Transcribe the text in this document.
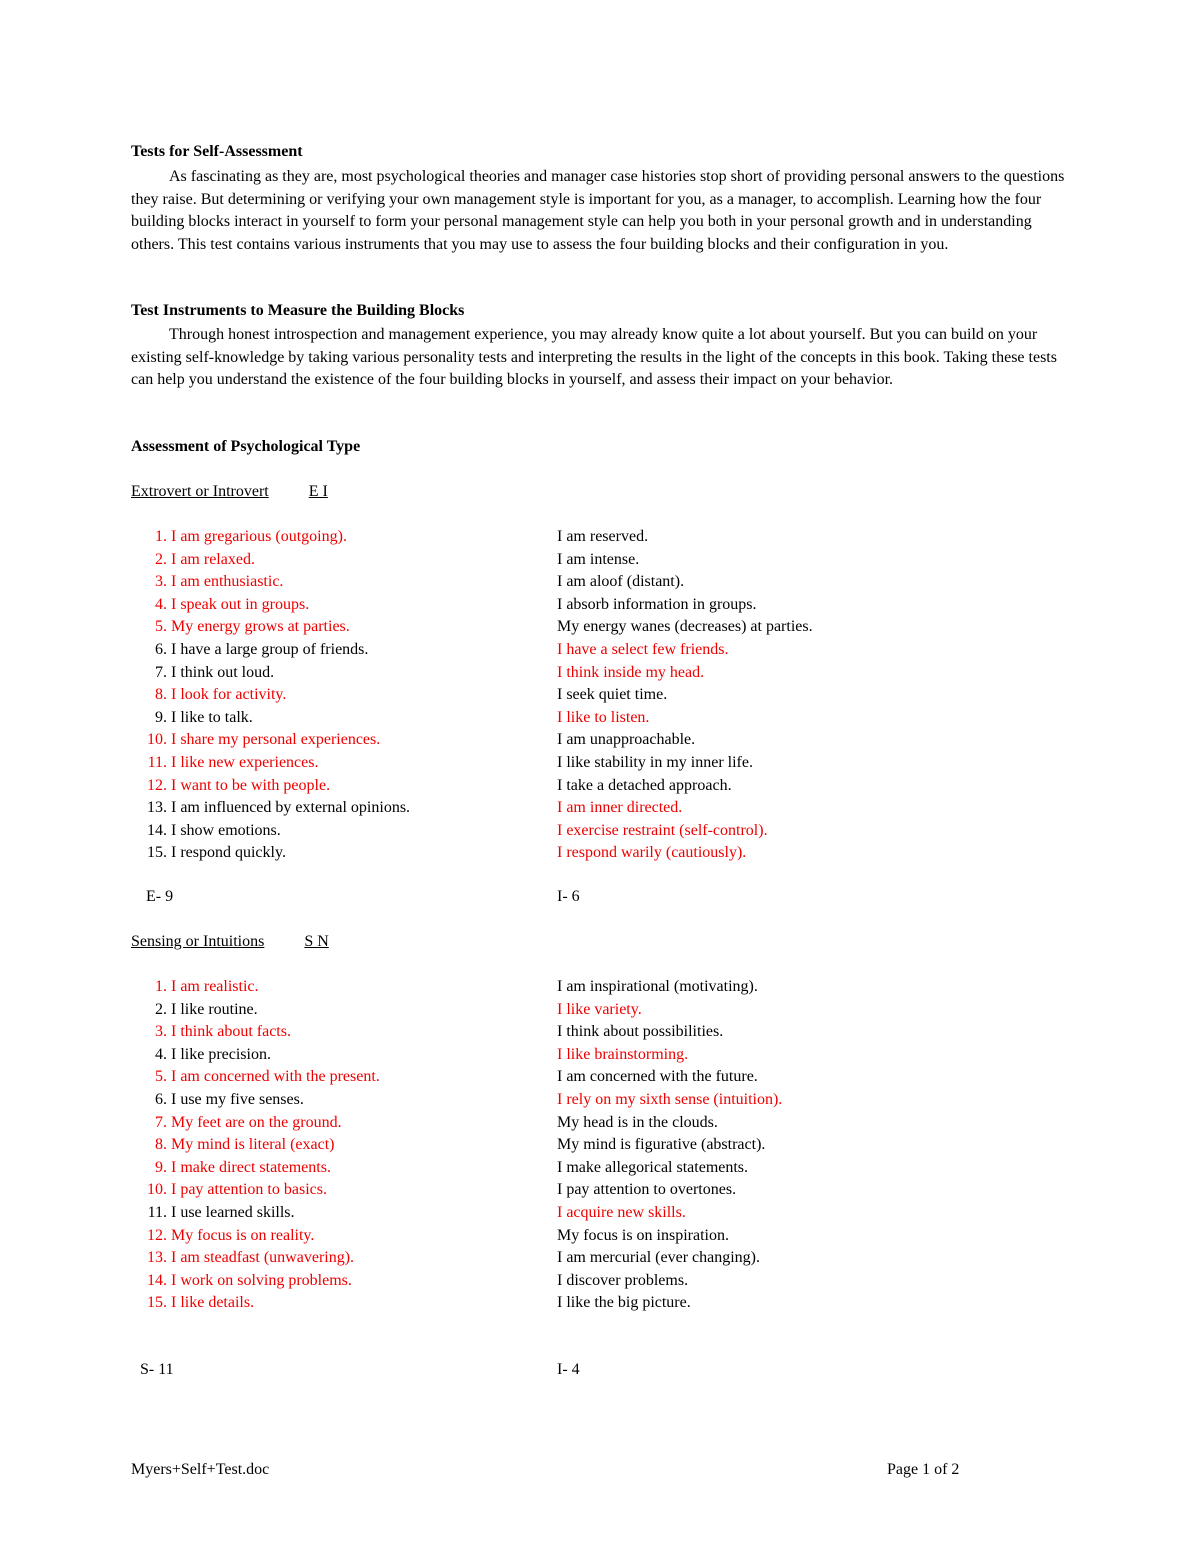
Tests for Self-Assessment

As fascinating as they are, most psychological theories and manager case histories stop short of providing personal answers to the questions they raise. But determining or verifying your own management style is important for you, as a manager, to accomplish. Learning how the four building blocks interact in yourself to form your personal management style can help you both in your personal growth and in understanding others. This test contains various instruments that you may use to assess the four building blocks and their configuration in you.

Test Instruments to Measure the Building Blocks

Through honest introspection and management experience, you may already know quite a lot about yourself. But you can build on your existing self-knowledge by taking various personality tests and interpreting the results in the light of the concepts in this book. Taking these tests can help you understand the existence of the four building blocks in yourself, and assess their impact on your behavior.

Assessment of Psychological Type
Extrovert or Introvert	E I
1. I am gregarious (outgoing).	I am reserved.
2. I am relaxed.	I am intense.
3. I am enthusiastic.	I am aloof (distant).
4. I speak out in groups.	I absorb information in groups.
5. My energy grows at parties.	My energy wanes (decreases) at parties.
6. I have a large group of friends.	I have a select few friends.
7. I think out loud.	I think inside my head.
8. I look for activity.	I seek quiet time.
9. I like to talk.	I like to listen.
10. I share my personal experiences.	I am unapproachable.
11. I like new experiences.	I like stability in my inner life.
12. I want to be with people.	I take a detached approach.
13. I am influenced by external opinions.	I am inner directed.
14. I show emotions.	I exercise restraint (self-control).
15. I respond quickly.	I respond warily (cautiously).
E- 9	I- 6
Sensing or Intuitions	S N
1. I am realistic.	I am inspirational (motivating).
2. I like routine.	I like variety.
3. I think about facts.	I think about possibilities.
4. I like precision.	I like brainstorming.
5. I am concerned with the present.	I am concerned with the future.
6. I use my five senses.	I rely on my sixth sense (intuition).
7. My feet are on the ground.	My head is in the clouds.
8. My mind is literal (exact)	My mind is figurative (abstract).
9. I make direct statements.	I make allegorical statements.
10. I pay attention to basics.	I pay attention to overtones.
11. I use learned skills.	I acquire new skills.
12. My focus is on reality.	My focus is on inspiration.
13. I am steadfast (unwavering).	I am mercurial (ever changing).
14. I work on solving problems.	I discover problems.
15. I like details.	I like the big picture.
S- 11	I- 4
Myers+Self+Test.doc	Page 1 of 2
